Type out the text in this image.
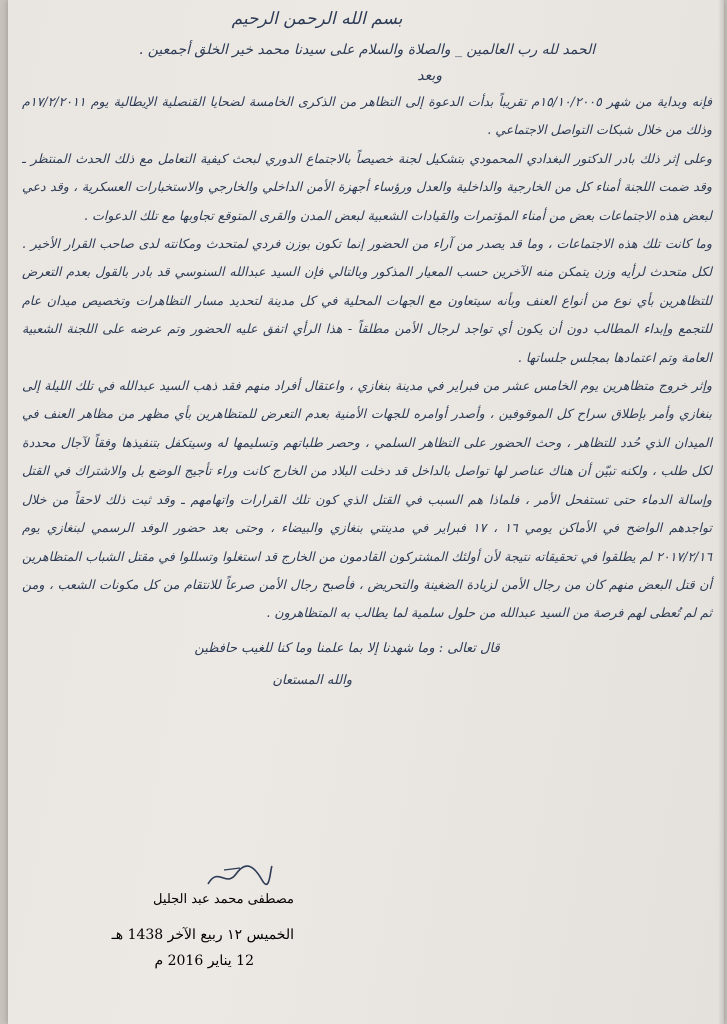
بسم الله الرحمن الرحيم
الحمد لله رب العالمين _ والصلاة والسلام على سيدنا محمد خير الخلق أجمعين .
وبعد

فإنه وبداية من شهر ١٥/١٠/٢٠٠٥م تقريباً بدأت الدعوة إلى التظاهر من الذكرى الخامسة لضحايا القنصلية الإيطالية يوم ١٧/٢/٢٠١١م وذلك من خلال شبكات التواصل الاجتماعي .

وعلى إثر ذلك بادر الدكتور البغدادي المحمودي بتشكيل لجنة خصيصاً بالاجتماع الدوري لبحث كيفية التعامل مع ذلك الحدث المنتظر ـ وقد ضمت اللجنة أمناء كل من الخارجية والداخلية والعدل ورؤساء أجهزة الأمن الداخلي والخارجي والاستخبارات العسكرية ، وقد دعي لبعض هذه الاجتماعات بعض من أمناء المؤتمرات والقيادات الشعبية لبعض المدن والقرى المتوقع تجاوبها مع تلك الدعوات .

وما كانت تلك هذه الاجتماعات ، وما قد يصدر من آراء من الحضور إنما تكون بوزن فردي لمتحدث ومكانته لدى صاحب القرار الأخير . لكل متحدث لرأيه وزن يتمكن منه الآخرين حسب المعيار المذكور وبالتالي فإن السيد عبدالله السنوسي قد بادر بالقول بعدم التعرض للتظاهرين بأي نوع من أنواع العنف وبأنه سيتعاون مع الجهات المحلية في كل مدينة لتحديد مسار التظاهرات وتخصيص ميدان عام للتجمع وإبداء المطالب دون أن يكون أي تواجد لرجال الأمن مطلقاً - هذا الرأي اتفق عليه الحضور وتم عرضه على اللجنة الشعبية العامة وتم اعتمادها بمجلس جلساتها .

وإثر خروج متظاهرين يوم الخامس عشر من فبراير في مدينة بنغازي ، واعتقال أفراد منهم فقد ذهب السيد عبدالله في تلك الليلة إلى بنغازي وأمر بإطلاق سراح كل الموقوفين ، وأصدر أوامره للجهات الأمنية بعدم التعرض للمتظاهرين بأي مظهر من مظاهر العنف في الميدان الذي حُدد للتظاهر ، وحث الحضور على التظاهر السلمي ، وحصر طلباتهم وتسليمها له وسيتكفل بتنفيذها وفقاً لآجال محددة لكل طلب ، ولكنه تبيّن أن هناك عناصر لها تواصل بالداخل قد دخلت البلاد من الخارج كانت وراء تأجيج الوضع بل والاشتراك في القتل وإسالة الدماء حتى تستفحل الأمر ، فلماذا هم السبب في القتل الذي كون تلك القرارات واتهامهم ـ وقد ثبت ذلك لاحقاً من خلال تواجدهم الواضح في الأماكن يومي ١٦ ، ١٧ فبراير في مدينتي بنغازي والبيضاء ، وحتى بعد حضور الوفد الرسمي لبنغازي يوم ٢٠١٧/٢/١٦ لم يطلقوا في تحقيقاته نتيجة لأن أولئك المشتركون القادمون من الخارج قد استغلوا وتسللوا في مقتل الشباب المتظاهرين أن قتل البعض منهم كان من رجال الأمن لزيادة الضغينة والتحريض ، فأصبح رجال الأمن صرعاً للانتقام من كل مكونات الشعب ، ومن ثم لم تُعطى لهم فرصة من السيد عبدالله من حلول سلمية لما يطالب به المتظاهرون .

قال تعالى : وما شهدنا إلا بما علمنا وما كنا للغيب حافظين
والله المستعان
مصطفى محمد عبد الجليل
الخميس ١٢ ربيع الآخر 1438 هـ
12 يناير 2016 م
